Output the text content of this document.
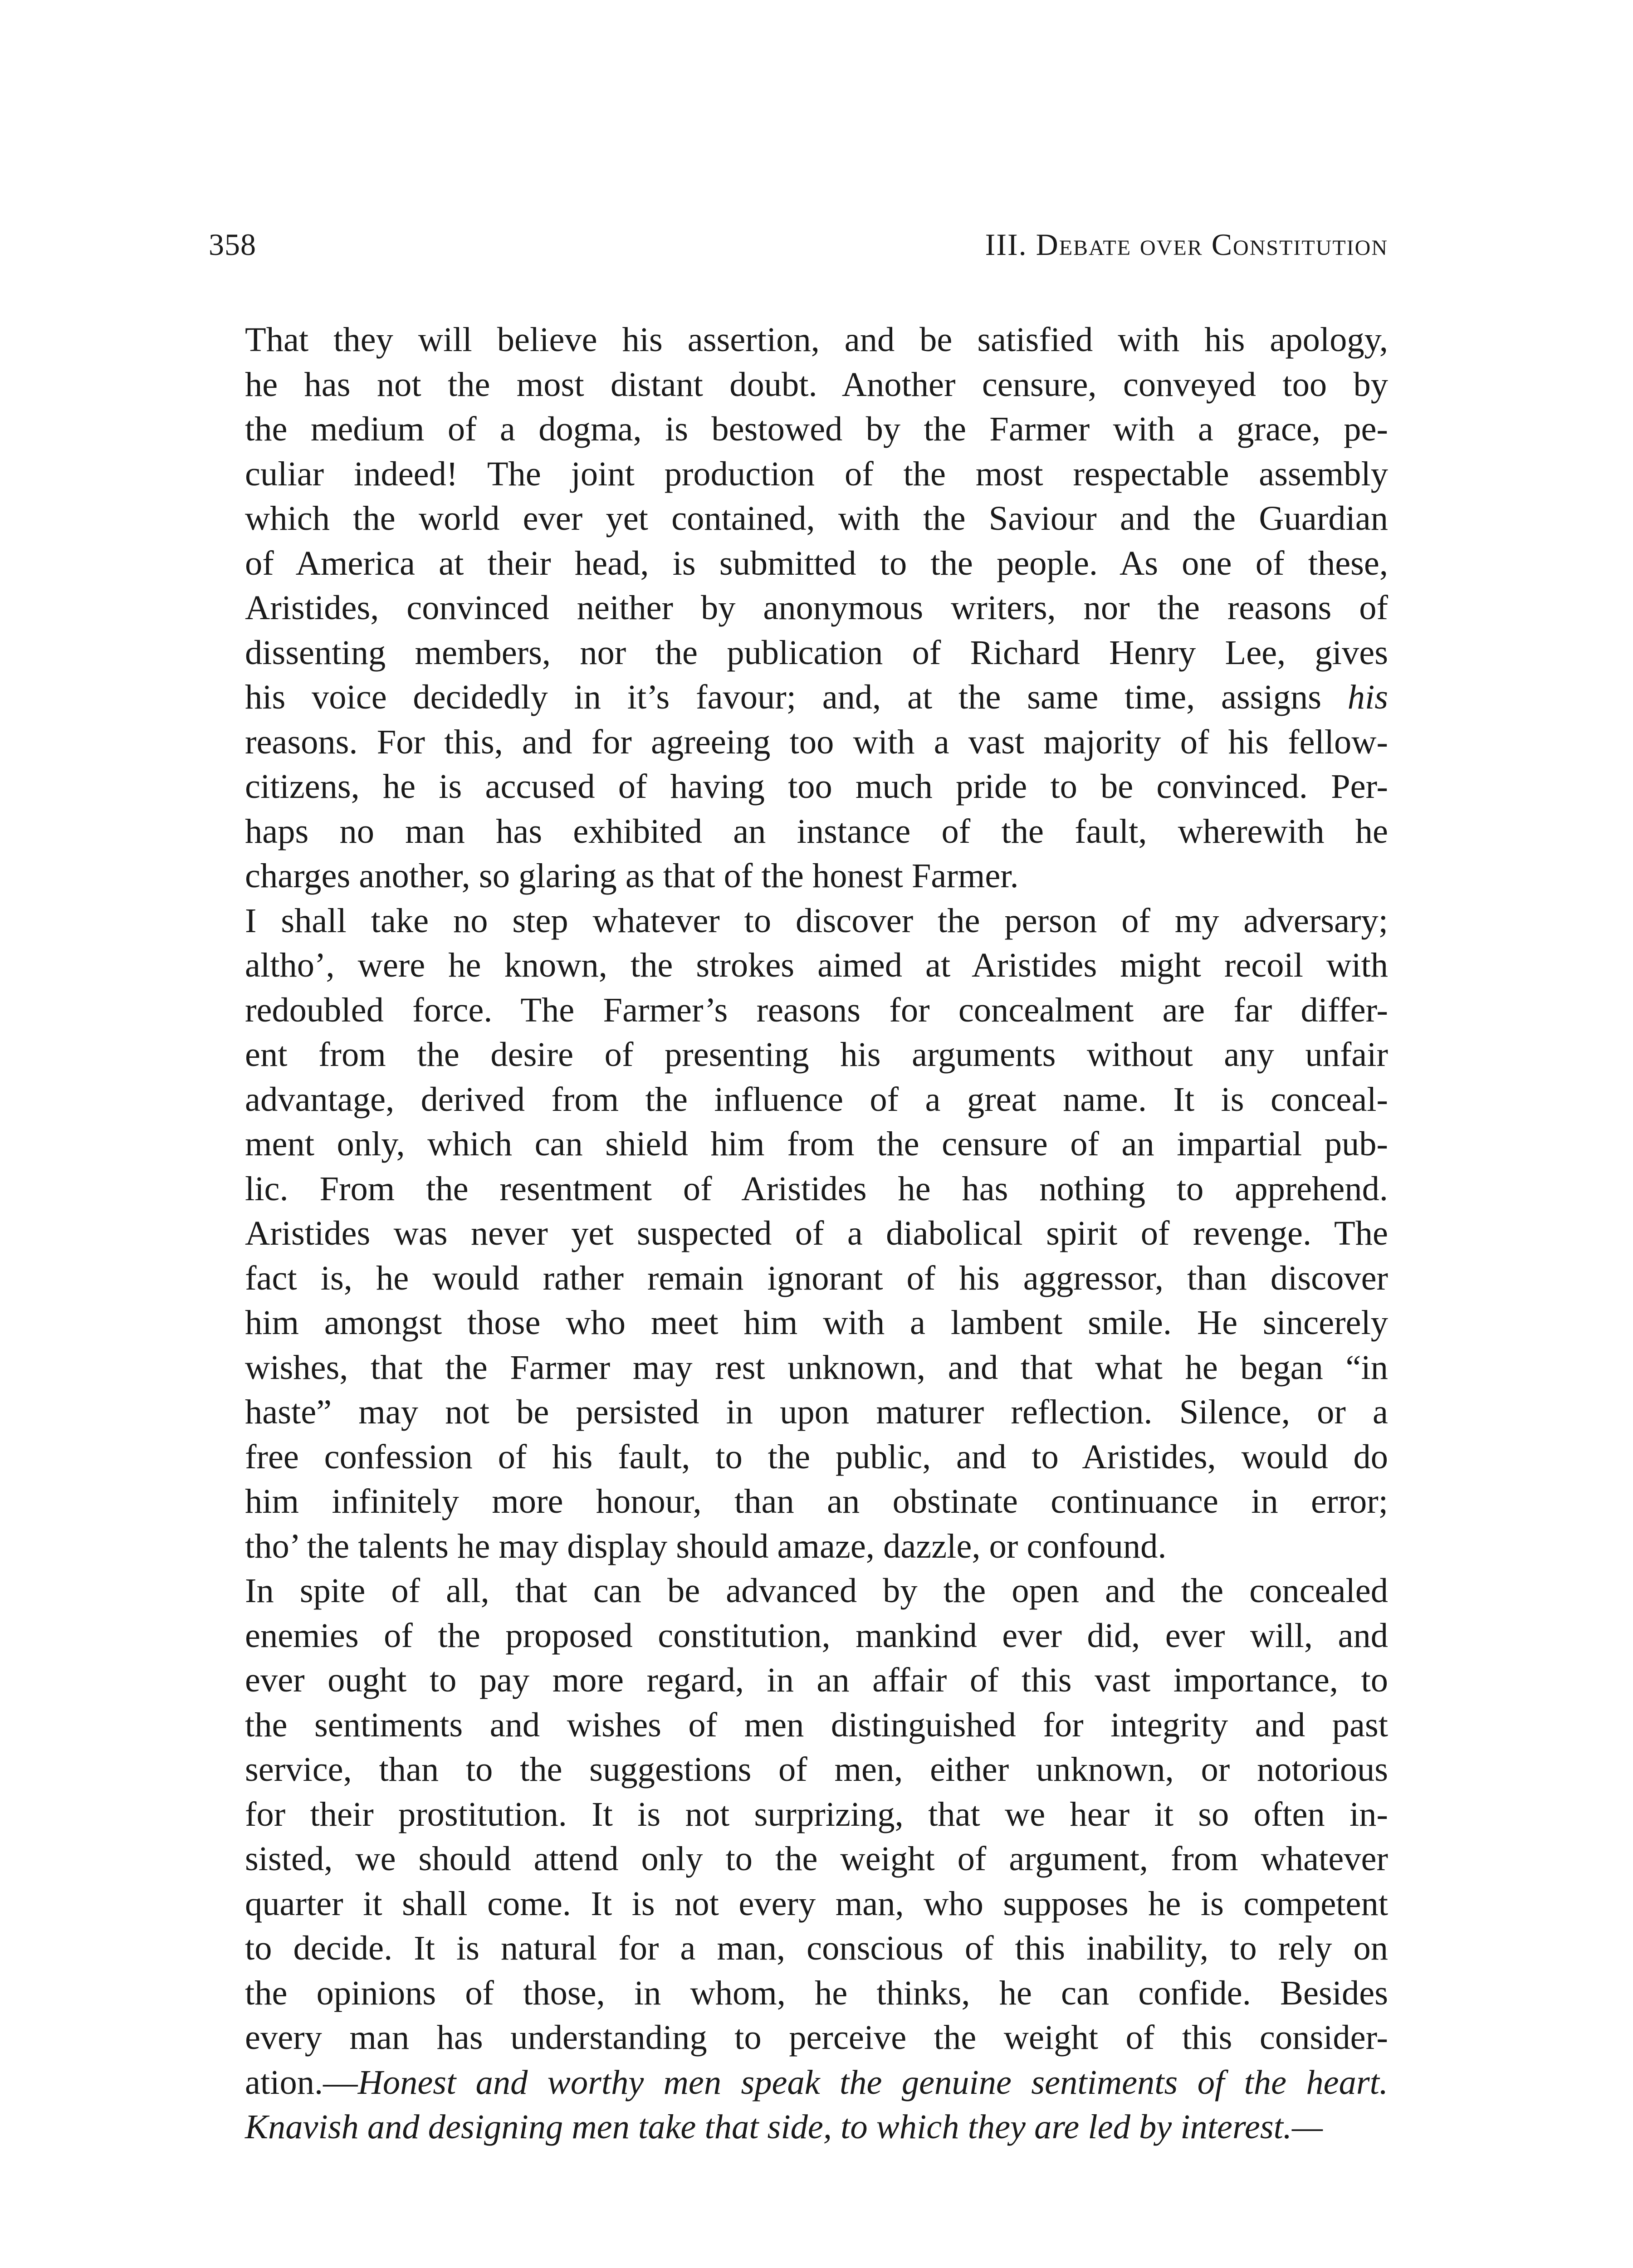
358	III. Debate over Constitution
That they will believe his assertion, and be satisfied with his apology,
he has not the most distant doubt. Another censure, conveyed too by
the medium of a dogma, is bestowed by the Farmer with a grace, pe-
culiar indeed! The joint production of the most respectable assembly
which the world ever yet contained, with the Saviour and the Guardian
of America at their head, is submitted to the people. As one of these,
Aristides, convinced neither by anonymous writers, nor the reasons of
dissenting members, nor the publication of Richard Henry Lee, gives
his voice decidedly in it’s favour; and, at the same time, assigns his
reasons. For this, and for agreeing too with a vast majority of his fellow-
citizens, he is accused of having too much pride to be convinced. Per-
haps no man has exhibited an instance of the fault, wherewith he
charges another, so glaring as that of the honest Farmer.
I shall take no step whatever to discover the person of my adversary;
altho’, were he known, the strokes aimed at Aristides might recoil with
redoubled force. The Farmer’s reasons for concealment are far differ-
ent from the desire of presenting his arguments without any unfair
advantage, derived from the influence of a great name. It is conceal-
ment only, which can shield him from the censure of an impartial pub-
lic. From the resentment of Aristides he has nothing to apprehend.
Aristides was never yet suspected of a diabolical spirit of revenge. The
fact is, he would rather remain ignorant of his aggressor, than discover
him amongst those who meet him with a lambent smile. He sincerely
wishes, that the Farmer may rest unknown, and that what he began “in
haste” may not be persisted in upon maturer reflection. Silence, or a
free confession of his fault, to the public, and to Aristides, would do
him infinitely more honour, than an obstinate continuance in error;
tho’ the talents he may display should amaze, dazzle, or confound.
In spite of all, that can be advanced by the open and the concealed
enemies of the proposed constitution, mankind ever did, ever will, and
ever ought to pay more regard, in an affair of this vast importance, to
the sentiments and wishes of men distinguished for integrity and past
service, than to the suggestions of men, either unknown, or notorious
for their prostitution. It is not surprizing, that we hear it so often in-
sisted, we should attend only to the weight of argument, from whatever
quarter it shall come. It is not every man, who supposes he is competent
to decide. It is natural for a man, conscious of this inability, to rely on
the opinions of those, in whom, he thinks, he can confide. Besides
every man has understanding to perceive the weight of this consider-
ation.—Honest and worthy men speak the genuine sentiments of the heart.
Knavish and designing men take that side, to which they are led by interest.—
